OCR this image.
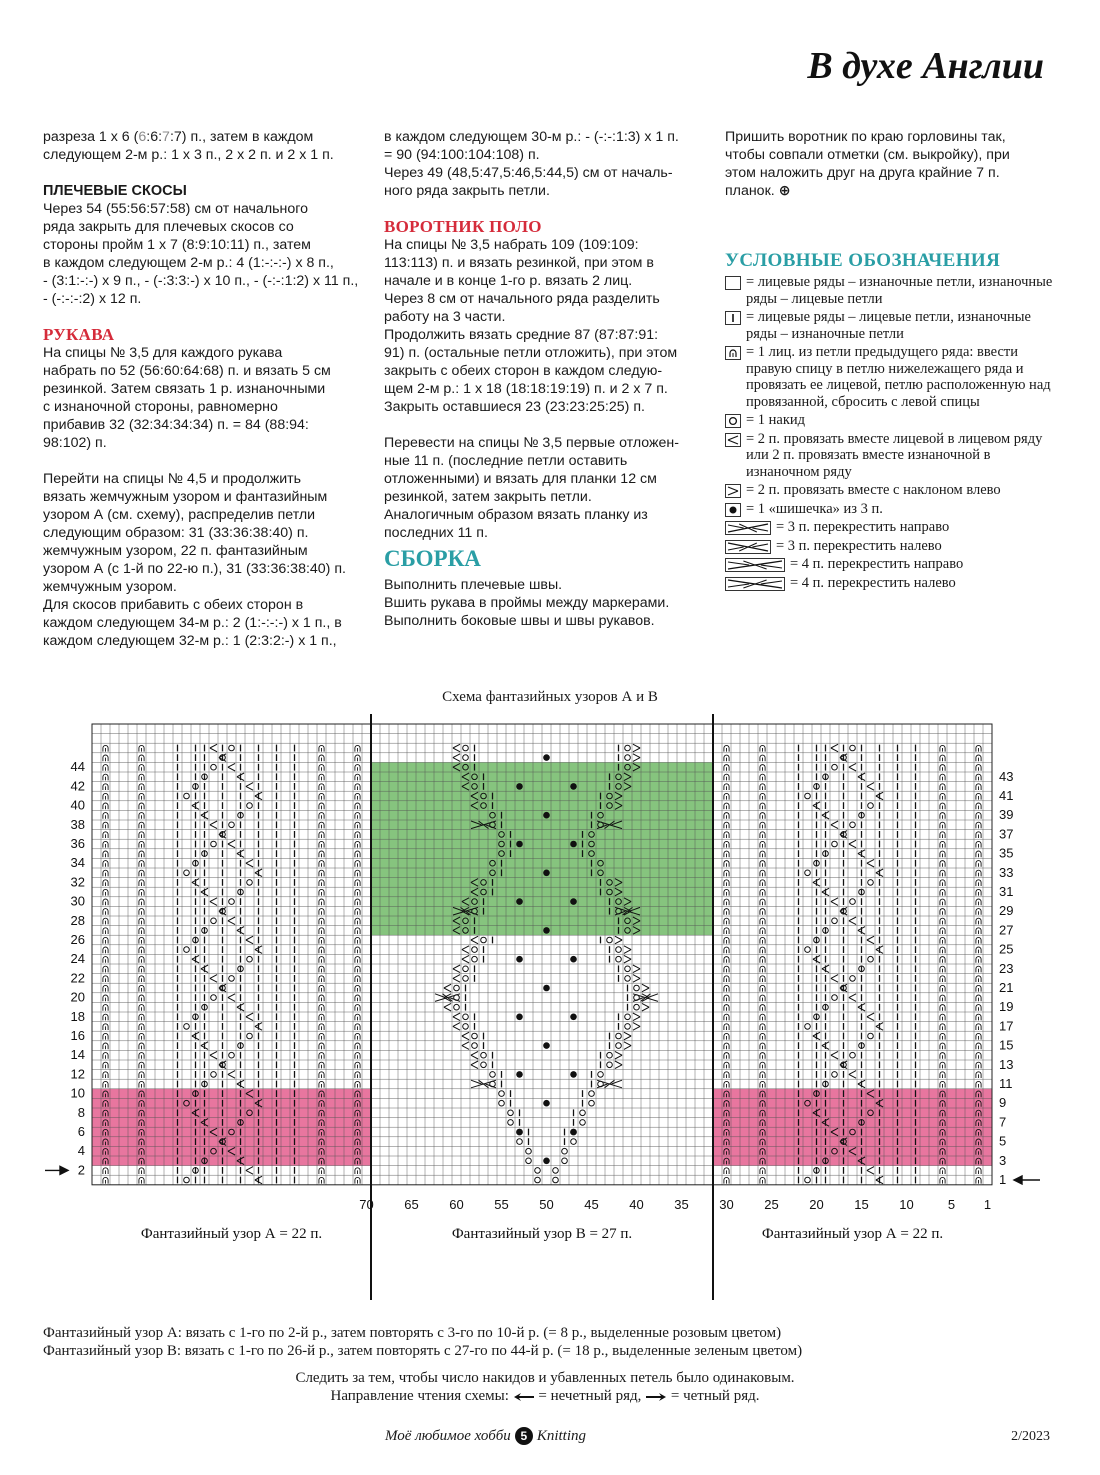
В духе Англии

разреза 1 х 6 (6:6:7:7) п., затем в каждом

следующем 2-м р.: 1 х 3 п., 2 х 2 п. и 2 х 1 п.

ПЛЕЧЕВЫЕ СКОСЫ

Через 54 (55:56:57:58) см от начального

ряда закрыть для плечевых скосов со

стороны пройм 1 х 7 (8:9:10:11) п., затем

в каждом следующем 2-м р.: 4 (1:-:-:-) х 8 п.,

- (3:1:-:-) х 9 п., - (-:3:3:-) х 10 п., - (-:-:1:2) х 11 п.,

- (-:-:-:2) х 12 п.

РУКАВА

На спицы № 3,5 для каждого рукава

набрать по 52 (56:60:64:68) п. и вязать 5 см

резинкой. Затем связать 1 р. изнаночными

с изнаночной стороны, равномерно

прибавив 32 (32:34:34:34) п. = 84 (88:94:

98:102) п.

Перейти на спицы № 4,5 и продолжить

вязать жемчужным узором и фантазийным

узором А (см. схему), распределив петли

следующим образом: 31 (33:36:38:40) п.

жемчужным узором, 22 п. фантазийным

узором А (с 1-й по 22-ю п.), 31 (33:36:38:40) п.

жемчужным узором.

Для скосов прибавить с обеих сторон в

каждом следующем 34-м р.: 2 (1:-:-:-) х 1 п., в

каждом следующем 32-м р.: 1 (2:3:2:-) х 1 п.,

в каждом следующем 30-м р.: - (-:-:1:3) х 1 п.

= 90 (94:100:104:108) п.

Через 49 (48,5:47,5:46,5:44,5) см от началь-

ного ряда закрыть петли.

ВОРОТНИК ПОЛО

На спицы № 3,5 набрать 109 (109:109:

113:113) п. и вязать резинкой, при этом в

начале и в конце 1-го р. вязать 2 лиц.

Через 8 см от начального ряда разделить

работу на 3 части.

Продолжить вязать средние 87 (87:87:91:

91) п. (остальные петли отложить), при этом

закрыть с обеих сторон в каждом следую-

щем 2-м р.: 1 х 18 (18:18:19:19) п. и 2 х 7 п.

Закрыть оставшиеся 23 (23:23:25:25) п.

Перевести на спицы № 3,5 первые отложен-

ные 11 п. (последние петли оставить

отложенными) и вязать для планки 12 см

резинкой, затем закрыть петли.

Аналогичным образом вязать планку из

последних 11 п.

СБОРКА

Выполнить плечевые швы.

Вшить рукава в проймы между маркерами.

Выполнить боковые швы и швы рукавов.

Пришить воротник по краю горловины так,

чтобы совпали отметки (см. выкройку), при

этом наложить друг на друга крайние 7 п.

планок. ⊕

УСЛОВНЫЕ ОБОЗНАЧЕНИЯ

= лицевые ряды – изнаночные петли, изнаночные ряды – лицевые петли
= лицевые ряды – лицевые петли, изнаночные ряды – изнаночные петли
= 1 лиц. из петли предыдущего ряда: ввести правую спицу в петлю нижележащего ряда и провязать ее лицевой, петлю расположенную над провязанной, сбросить с левой спицы
= 1 накид
= 2 п. провязать вместе лицевой в лицевом ряду или 2 п. провязать вместе изнаночной в изнаночном ряду
= 2 п. провязать вместе с наклоном влево
= 1 «шишечка» из 3 п.
= 3 п. перекрестить направо
= 3 п. перекрестить налево
= 4 п. перекрестить направо
= 4 п. перекрестить налево

Схема фантазийных узоров А и В

2
4
6
8
10
12
14
16
18
20
22
24
26
28
30
32
34
36
38
40
42
44
1
3
5
7
9
11
13
15
17
19
21
23
25
27
29
31
33
35
37
39
41
43
70 65 60 55 50 45 40 35 30 25 20 15 10	5 1
Фантазийный узор А = 22 п.	Фантазийный узор В = 27 п.	Фантазийный узор А = 22 п.

Фантазийный узор А: вязать с 1-го по 2-й р., затем повторять с 3-го по 10-й р. (= 8 р., выделенные розовым цветом)

Фантазийный узор В: вязать с 1-го по 26-й р., затем повторять с 27-го по 44-й р. (= 18 р., выделенные зеленым цветом)

Следить за тем, чтобы число накидов и убавленных петель было одинаковым.

Направление чтения схемы: = нечетный ряд, = четный ряд.

Моё любимое хобби 5 Knitting	2/2023
